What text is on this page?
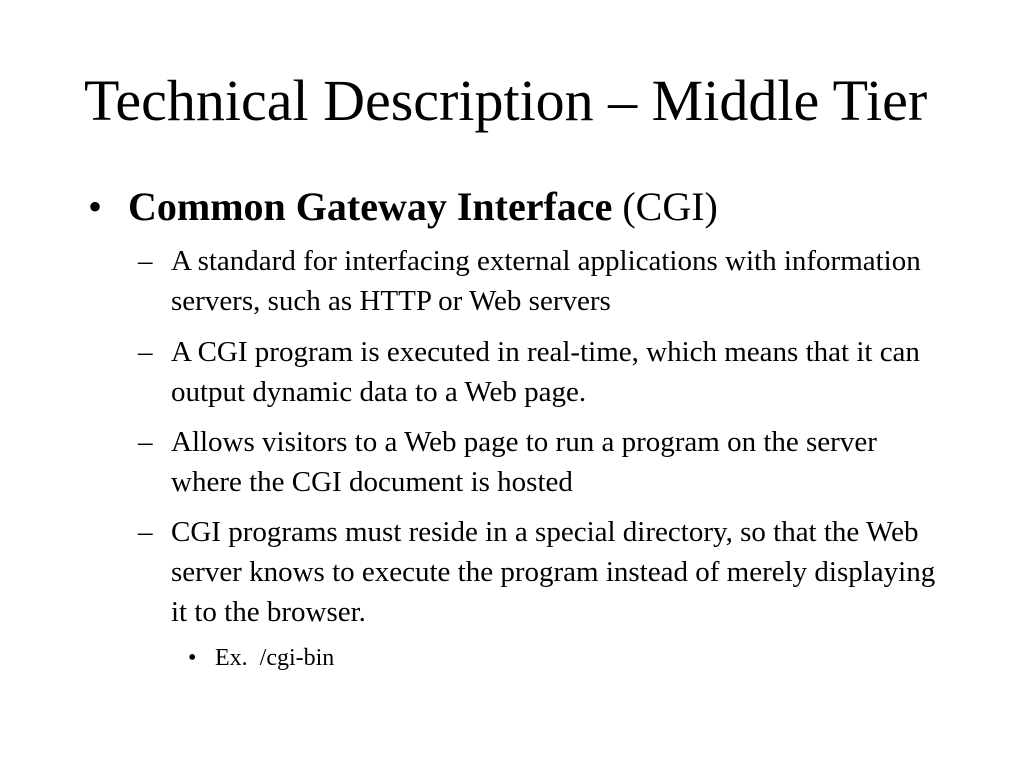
Technical Description – Middle Tier
• Common Gateway Interface (CGI)
– A standard for interfacing external applications with information servers, such as HTTP or Web servers
– A CGI program is executed in real-time, which means that it can output dynamic data to a Web page.
– Allows visitors to a Web page to run a program on the server where the CGI document is hosted
– CGI programs must reside in a special directory, so that the Web server knows to execute the program instead of merely displaying it to the browser.
• Ex.  /cgi-bin
